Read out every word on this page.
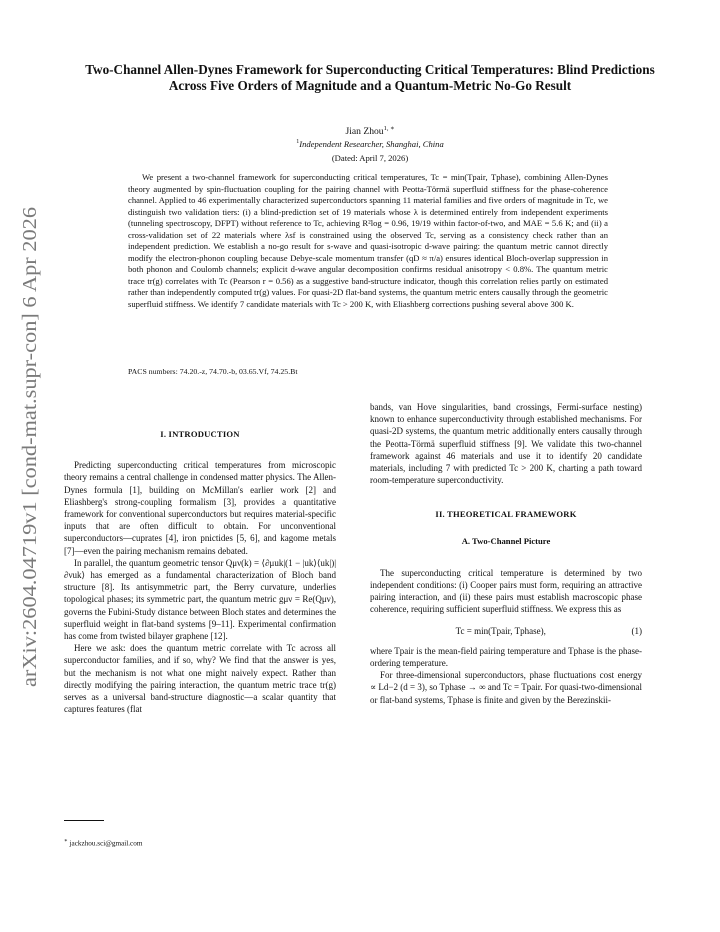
arXiv:2604.04719v1 [cond-mat.supr-con] 6 Apr 2026
Two-Channel Allen-Dynes Framework for Superconducting Critical Temperatures: Blind Predictions Across Five Orders of Magnitude and a Quantum-Metric No-Go Result
Jian Zhou$^{1, ∗}$
$^1$Independent Researcher, Shanghai, China
(Dated: April 7, 2026)

We present a two-channel framework for superconducting critical temperatures, Tc = min(Tpair, Tphase), combining Allen-Dynes theory augmented by spin-fluctuation coupling for the pairing channel with Peotta-Törmä superfluid stiffness for the phase-coherence channel. Applied to 46 experimentally characterized superconductors spanning 11 material families and five orders of magnitude in Tc, we distinguish two validation tiers: (i) a blind-prediction set of 19 materials whose λ is determined entirely from independent experiments (tunneling spectroscopy, DFPT) without reference to Tc, achieving R²log = 0.96, 19/19 within factor-of-two, and MAE = 5.6 K; and (ii) a cross-validation set of 22 materials where λsf is constrained using the observed Tc, serving as a consistency check rather than an independent prediction. We establish a no-go result for s-wave and quasi-isotropic d-wave pairing: the quantum metric cannot directly modify the electron-phonon coupling because Debye-scale momentum transfer (qD ≈ π/a) ensures identical Bloch-overlap suppression in both phonon and Coulomb channels; explicit d-wave angular decomposition confirms residual anisotropy < 0.8%. The quantum metric trace tr(g) correlates with Tc (Pearson r = 0.56) as a suggestive band-structure indicator, though this correlation relies partly on estimated rather than independently computed tr(g) values. For quasi-2D flat-band systems, the quantum metric enters causally through the geometric superfluid stiffness. We identify 7 candidate materials with Tc > 200 K, with Eliashberg corrections pushing several above 300 K.

PACS numbers: 74.20.-z, 74.70.-b, 03.65.Vf, 74.25.Bt

I. INTRODUCTION

Predicting superconducting critical temperatures from microscopic theory remains a central challenge in condensed matter physics. The Allen-Dynes formula [1], building on McMillan's earlier work [2] and Eliashberg's strong-coupling formalism [3], provides a quantitative framework for conventional superconductors but requires material-specific inputs that are often difficult to obtain. For unconventional superconductors—cuprates [4], iron pnictides [5, 6], and kagome metals [7]—even the pairing mechanism remains debated.

In parallel, the quantum geometric tensor Qμν(k) = ⟨∂μuk|(1 − |uk⟩⟨uk|)|∂νuk⟩ has emerged as a fundamental characterization of Bloch band structure [8]. Its antisymmetric part, the Berry curvature, underlies topological phases; its symmetric part, the quantum metric gμν = Re(Qμν), governs the Fubini-Study distance between Bloch states and determines the superfluid weight in flat-band systems [9–11]. Experimental confirmation has come from twisted bilayer graphene [12].

Here we ask: does the quantum metric correlate with Tc across all superconductor families, and if so, why? We find that the answer is yes, but the mechanism is not what one might naively expect. Rather than directly modifying the pairing interaction, the quantum metric trace tr(g) serves as a universal band-structure diagnostic—a scalar quantity that captures features (flat

bands, van Hove singularities, band crossings, Fermi-surface nesting) known to enhance superconductivity through established mechanisms. For quasi-2D systems, the quantum metric additionally enters causally through the Peotta-Törmä superfluid stiffness [9]. We validate this two-channel framework against 46 materials and use it to identify 20 candidate materials, including 7 with predicted Tc > 200 K, charting a path toward room-temperature superconductivity.

II. THEORETICAL FRAMEWORK

A. Two-Channel Picture

The superconducting critical temperature is determined by two independent conditions: (i) Cooper pairs must form, requiring an attractive pairing interaction, and (ii) these pairs must establish macroscopic phase coherence, requiring sufficient superfluid stiffness. We express this as

Tc = min(Tpair, Tphase),	(1)

where Tpair is the mean-field pairing temperature and Tphase is the phase-ordering temperature.

For three-dimensional superconductors, phase fluctuations cost energy ∝ Ld−2 (d = 3), so Tphase → ∞ and Tc = Tpair. For quasi-two-dimensional or flat-band systems, Tphase is finite and given by the Berezinskii-

∗ jackzhou.sci@gmail.com
